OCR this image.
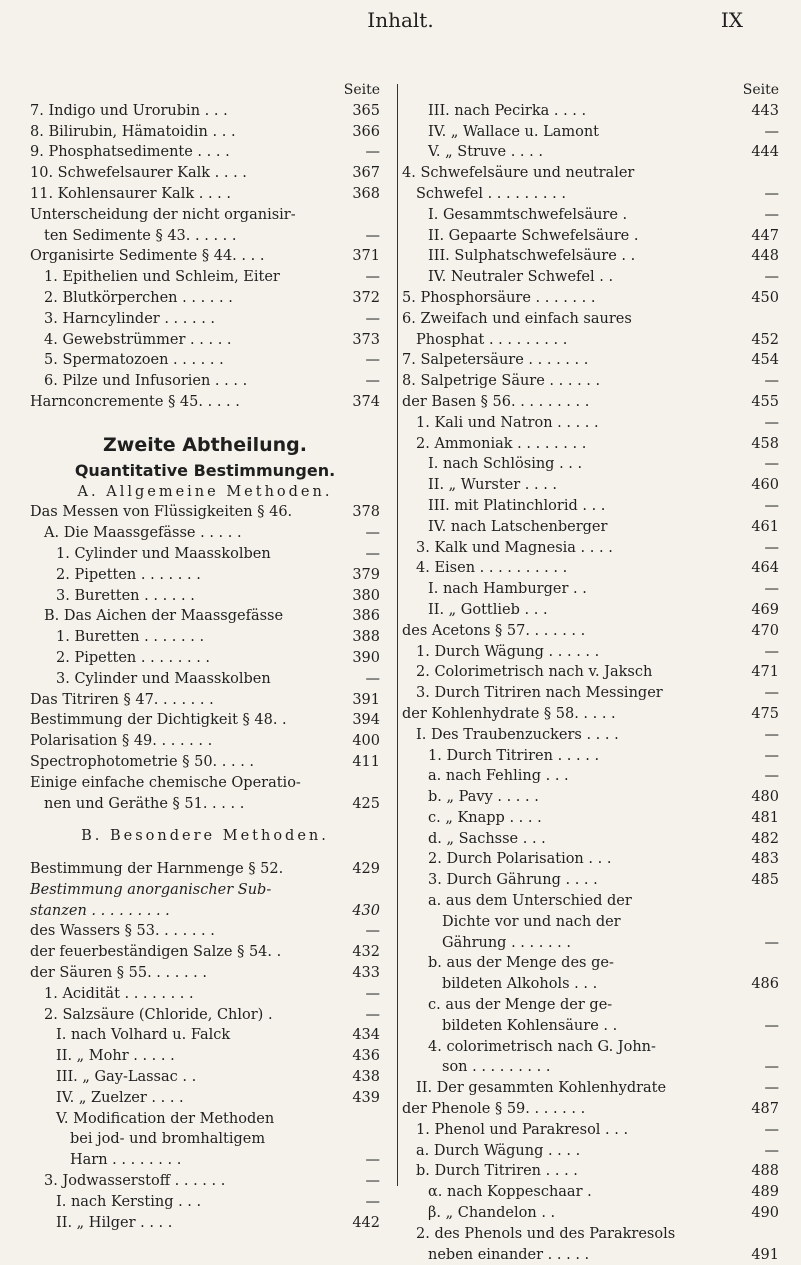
Inhalt.	IX
Seite
7. Indigo und Urorubin . . .	365
8. Bilirubin, Hämatoidin . . .	366
9. Phosphatsedimente . . . .	—
10. Schwefelsaurer Kalk . . . .	367
11. Kohlensaurer Kalk . . . .	368
Unterscheidung der nicht organisir-
ten Sedimente § 43. . . . . .	—
Organisirte Sedimente § 44. . . .	371
1. Epithelien und Schleim, Eiter	—
2. Blutkörperchen . . . . . .	372
3. Harncylinder . . . . . .	—
4. Gewebstrümmer . . . . .	373
5. Spermatozoen . . . . . .	—
6. Pilze und Infusorien . . . .	—
Harnconcremente § 45. . . . .	374
Zweite Abtheilung.
Quantitative Bestimmungen.
A. Allgemeine Methoden.
Das Messen von Flüssigkeiten § 46.	378
A. Die Maassgefässe . . . . .	—
1. Cylinder und Maasskolben	—
2. Pipetten . . . . . . .	379
3. Buretten . . . . . .	380
B. Das Aichen der Maassgefässe	386
1. Buretten . . . . . . .	388
2. Pipetten . . . . . . . .	390
3. Cylinder und Maasskolben	—
Das Titriren § 47. . . . . . .	391
Bestimmung der Dichtigkeit § 48. .	394
Polarisation § 49. . . . . . .	400
Spectrophotometrie § 50. . . . .	411
Einige einfache chemische Operatio-
nen und Geräthe § 51. . . . .	425
B. Besondere Methoden.
Bestimmung der Harnmenge § 52.	429
Bestimmung anorganischer Sub-
stanzen . . . . . . . . .	430
des Wassers § 53. . . . . . .	—
der feuerbeständigen Salze § 54. .	432
der Säuren § 55. . . . . . .	433
1. Acidität . . . . . . . .	—
2. Salzsäure (Chloride, Chlor) .	—
I. nach Volhard u. Falck	434
II. „ Mohr . . . . .	436
III. „ Gay-Lassac . .	438
IV. „ Zuelzer . . . .	439
V. Modification der Methoden
bei jod- und bromhaltigem
Harn . . . . . . . .	—
3. Jodwasserstoff . . . . . .	—
I. nach Kersting . . .	—
II. „ Hilger . . . .	442
Seite
III. nach Pecirka . . . .	443
IV. „ Wallace u. Lamont	—
V. „ Struve . . . .	444
4. Schwefelsäure und neutraler
Schwefel . . . . . . . . .	—
I. Gesammtschwefelsäure .	—
II. Gepaarte Schwefelsäure .	447
III. Sulphatschwefelsäure . .	448
IV. Neutraler Schwefel . .	—
5. Phosphorsäure . . . . . . .	450
6. Zweifach und einfach saures
Phosphat . . . . . . . . .	452
7. Salpetersäure . . . . . . .	454
8. Salpetrige Säure . . . . . .	—
der Basen § 56. . . . . . . . .	455
1. Kali und Natron . . . . .	—
2. Ammoniak . . . . . . . .	458
I. nach Schlösing . . .	—
II. „ Wurster . . . .	460
III. mit Platinchlorid . . .	—
IV. nach Latschenberger	461
3. Kalk und Magnesia . . . .	—
4. Eisen . . . . . . . . . .	464
I. nach Hamburger . .	—
II. „ Gottlieb . . .	469
des Acetons § 57. . . . . . .	470
1. Durch Wägung . . . . . .	—
2. Colorimetrisch nach v. Jaksch	471
3. Durch Titriren nach Messinger	—
der Kohlenhydrate § 58. . . . .	475
I. Des Traubenzuckers . . . .	—
1. Durch Titriren . . . . .	—
a. nach Fehling . . .	—
b. „ Pavy . . . . .	480
c. „ Knapp . . . .	481
d. „ Sachsse . . .	482
2. Durch Polarisation . . .	483
3. Durch Gährung . . . .	485
a. aus dem Unterschied der
Dichte vor und nach der
Gährung . . . . . . .	—
b. aus der Menge des ge-
bildeten Alkohols . . .	486
c. aus der Menge der ge-
bildeten Kohlensäure . .	—
4. colorimetrisch nach G. John-
son . . . . . . . . .	—
II. Der gesammten Kohlenhydrate	—
der Phenole § 59. . . . . . .	487
1. Phenol und Parakresol . . .	—
a. Durch Wägung . . . .	—
b. Durch Titriren . . . .	488
α. nach Koppeschaar .	489
β. „ Chandelon . .	490
2. des Phenols und des Parakresols
neben einander . . . . .	491
